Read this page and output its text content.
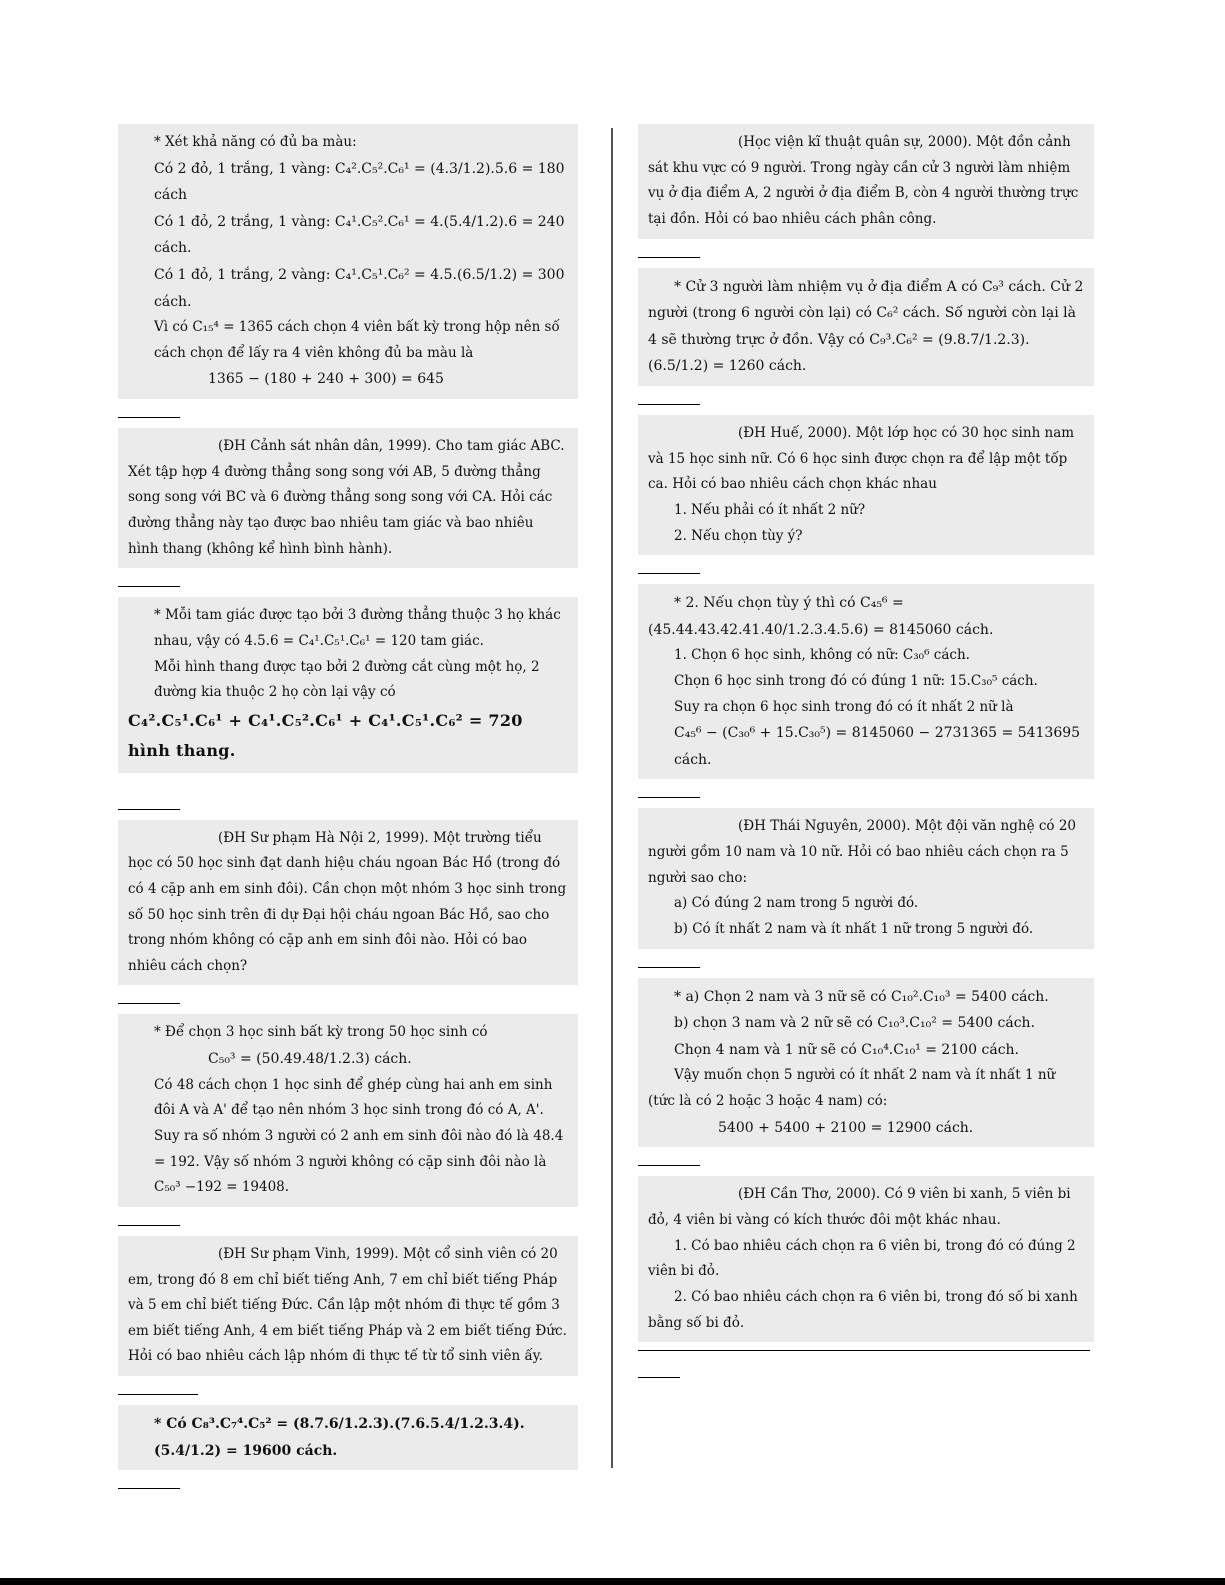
* Xét khả năng có đủ ba màu:

Có 2 đỏ, 1 trắng, 1 vàng: C₄².C₅².C₆¹ = (4.3/1.2).5.6 = 180 cách

Có 1 đỏ, 2 trắng, 1 vàng: C₄¹.C₅².C₆¹ = 4.(5.4/1.2).6 = 240 cách.

Có 1 đỏ, 1 trắng, 2 vàng: C₄¹.C₅¹.C₆² = 4.5.(6.5/1.2) = 300 cách.

Vì có C₁₅⁴ = 1365 cách chọn 4 viên bất kỳ trong hộp nên số cách chọn để lấy ra 4 viên không đủ ba màu là

1365 − (180 + 240 + 300) = 645

(ĐH Cảnh sát nhân dân, 1999). Cho tam giác ABC. Xét tập hợp 4 đường thẳng song song với AB, 5 đường thẳng song song với BC và 6 đường thẳng song song với CA. Hỏi các đường thẳng này tạo được bao nhiêu tam giác và bao nhiêu hình thang (không kể hình bình hành).

* Mỗi tam giác được tạo bởi 3 đường thẳng thuộc 3 họ khác nhau, vậy có 4.5.6 = C₄¹.C₅¹.C₆¹ = 120 tam giác.

Mỗi hình thang được tạo bởi 2 đường cắt cùng một họ, 2 đường kia thuộc 2 họ còn lại vậy có

C₄².C₅¹.C₆¹ + C₄¹.C₅².C₆¹ + C₄¹.C₅¹.C₆² = 720 hình thang.

(ĐH Sư phạm Hà Nội 2, 1999). Một trường tiểu học có 50 học sinh đạt danh hiệu cháu ngoan Bác Hồ (trong đó có 4 cặp anh em sinh đôi). Cần chọn một nhóm 3 học sinh trong số 50 học sinh trên đi dự Đại hội cháu ngoan Bác Hồ, sao cho trong nhóm không có cặp anh em sinh đôi nào. Hỏi có bao nhiêu cách chọn?

* Để chọn 3 học sinh bất kỳ trong 50 học sinh có

C₅₀³ = (50.49.48/1.2.3) cách.

Có 48 cách chọn 1 học sinh để ghép cùng hai anh em sinh đôi A và A' để tạo nên nhóm 3 học sinh trong đó có A, A'. Suy ra số nhóm 3 người có 2 anh em sinh đôi nào đó là 48.4 = 192. Vậy số nhóm 3 người không có cặp sinh đôi nào là C₅₀³ −192 = 19408.

(ĐH Sư phạm Vinh, 1999). Một cổ sinh viên có 20 em, trong đó 8 em chỉ biết tiếng Anh, 7 em chỉ biết tiếng Pháp và 5 em chỉ biết tiếng Đức. Cần lập một nhóm đi thực tế gồm 3 em biết tiếng Anh, 4 em biết tiếng Pháp và 2 em biết tiếng Đức. Hỏi có bao nhiêu cách lập nhóm đi thực tế từ tổ sinh viên ấy.

* Có C₈³.C₇⁴.C₅² = (8.7.6/1.2.3).(7.6.5.4/1.2.3.4).(5.4/1.2) = 19600 cách.

(Học viện kĩ thuật quân sự, 2000). Một đồn cảnh sát khu vực có 9 người. Trong ngày cần cử 3 người làm nhiệm vụ ở địa điểm A, 2 người ở địa điểm B, còn 4 người thường trực tại đồn. Hỏi có bao nhiêu cách phân công.

* Cử 3 người làm nhiệm vụ ở địa điểm A có C₉³ cách. Cử 2 người (trong 6 người còn lại) có C₆² cách. Số người còn lại là 4 sẽ thường trực ở đồn. Vậy có C₉³.C₆² = (9.8.7/1.2.3).(6.5/1.2) = 1260 cách.

(ĐH Huế, 2000). Một lớp học có 30 học sinh nam và 15 học sinh nữ. Có 6 học sinh được chọn ra để lập một tốp ca. Hỏi có bao nhiêu cách chọn khác nhau

1. Nếu phải có ít nhất 2 nữ?

2. Nếu chọn tùy ý?

* 2. Nếu chọn tùy ý thì có C₄₅⁶ = (45.44.43.42.41.40/1.2.3.4.5.6) = 8145060 cách.

1. Chọn 6 học sinh, không có nữ: C₃₀⁶ cách.

Chọn 6 học sinh trong đó có đúng 1 nữ: 15.C₃₀⁵ cách.

Suy ra chọn 6 học sinh trong đó có ít nhất 2 nữ là

C₄₅⁶ − (C₃₀⁶ + 15.C₃₀⁵) = 8145060 − 2731365 = 5413695 cách.

(ĐH Thái Nguyên, 2000). Một đội văn nghệ có 20 người gồm 10 nam và 10 nữ. Hỏi có bao nhiêu cách chọn ra 5 người sao cho:

a) Có đúng 2 nam trong 5 người đó.

b) Có ít nhất 2 nam và ít nhất 1 nữ trong 5 người đó.

* a) Chọn 2 nam và 3 nữ sẽ có C₁₀².C₁₀³ = 5400 cách.

b) chọn 3 nam và 2 nữ sẽ có C₁₀³.C₁₀² = 5400 cách.

Chọn 4 nam và 1 nữ sẽ có C₁₀⁴.C₁₀¹ = 2100 cách.

Vậy muốn chọn 5 người có ít nhất 2 nam và ít nhất 1 nữ (tức là có 2 hoặc 3 hoặc 4 nam) có:

5400 + 5400 + 2100 = 12900 cách.

(ĐH Cần Thơ, 2000). Có 9 viên bi xanh, 5 viên bi đỏ, 4 viên bi vàng có kích thước đôi một khác nhau.

1. Có bao nhiêu cách chọn ra 6 viên bi, trong đó có đúng 2 viên bi đỏ.

2. Có bao nhiêu cách chọn ra 6 viên bi, trong đó số bi xanh bằng số bi đỏ.
